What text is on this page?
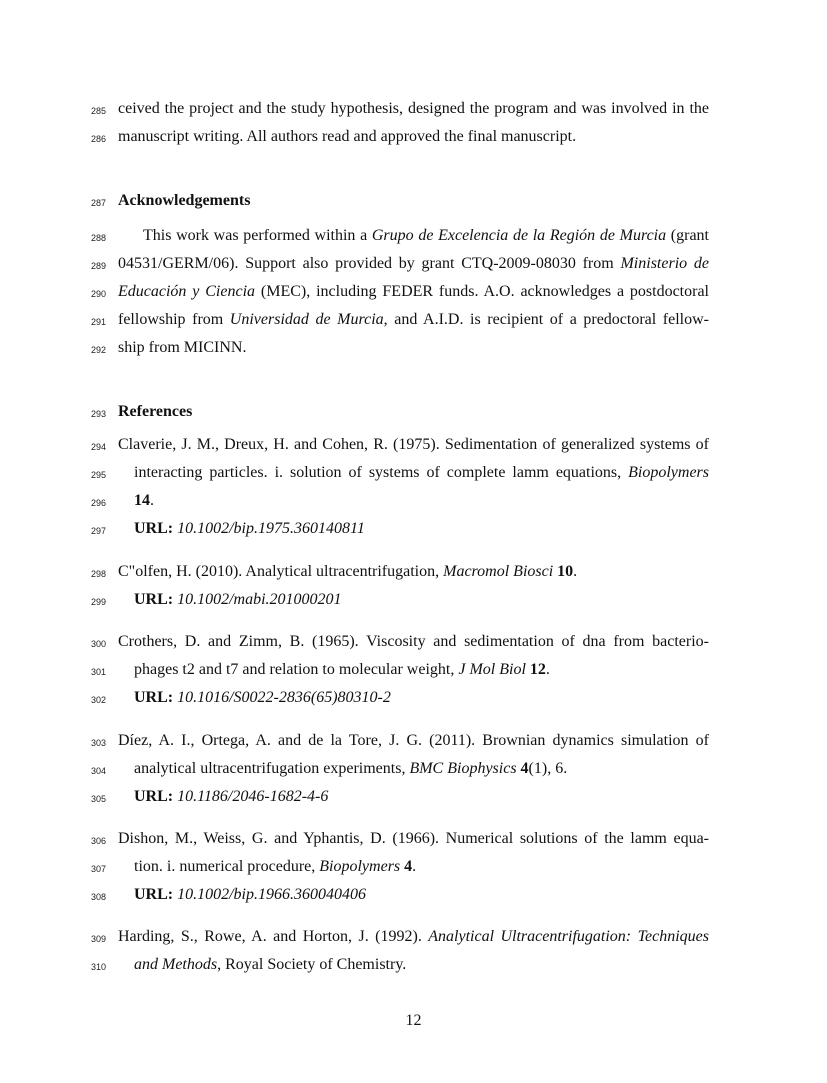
285 ceived the project and the study hypothesis, designed the program and was involved in the
286 manuscript writing. All authors read and approved the final manuscript.
287 Acknowledgements
288 This work was performed within a Grupo de Excelencia de la Región de Murcia (grant
289 04531/GERM/06). Support also provided by grant CTQ-2009-08030 from Ministerio de
290 Educación y Ciencia (MEC), including FEDER funds. A.O. acknowledges a postdoctoral
291 fellowship from Universidad de Murcia, and A.I.D. is recipient of a predoctoral fellow-
292 ship from MICINN.
293 References
294 Claverie, J. M., Dreux, H. and Cohen, R. (1975). Sedimentation of generalized systems of
295 interacting particles. i. solution of systems of complete lamm equations, Biopolymers
296 14.
297 URL: 10.1002/bip.1975.360140811
298 C"olfen, H. (2010). Analytical ultracentrifugation, Macromol Biosci 10.
299 URL: 10.1002/mabi.201000201
300 Crothers, D. and Zimm, B. (1965). Viscosity and sedimentation of dna from bacterio-
301 phages t2 and t7 and relation to molecular weight, J Mol Biol 12.
302 URL: 10.1016/S0022-2836(65)80310-2
303 Díez, A. I., Ortega, A. and de la Tore, J. G. (2011). Brownian dynamics simulation of
304 analytical ultracentrifugation experiments, BMC Biophysics 4(1), 6.
305 URL: 10.1186/2046-1682-4-6
306 Dishon, M., Weiss, G. and Yphantis, D. (1966). Numerical solutions of the lamm equa-
307 tion. i. numerical procedure, Biopolymers 4.
308 URL: 10.1002/bip.1966.360040406
309 Harding, S., Rowe, A. and Horton, J. (1992). Analytical Ultracentrifugation: Techniques
310 and Methods, Royal Society of Chemistry.
12
